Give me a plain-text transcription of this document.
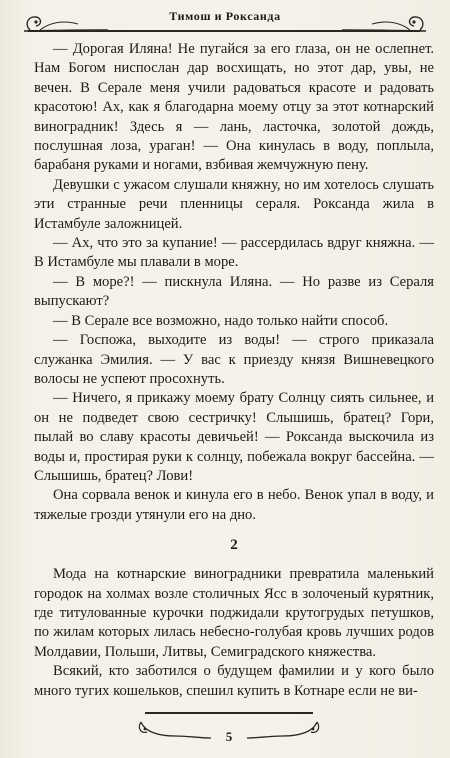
Тимош и Роксанда

— Дорогая Иляна! Не пугайся за его глаза, он не ослепнет. Нам Богом ниспослан дар восхищать, но этот дар, увы, не вечен. В Серале меня учили радоваться красоте и радовать красотою! Ах, как я благодарна моему отцу за этот котнарский виноградник! Здесь я — лань, ласточка, золотой дождь, послушная лоза, ураган! — Она кинулась в воду, поплыла, барабаня руками и ногами, взбивая жемчужную пену.

Девушки с ужасом слушали княжну, но им хотелось слушать эти странные речи пленницы сераля. Роксанда жила в Истамбуле заложницей.

— Ах, что это за купание! — рассердилась вдруг княжна. — В Истамбуле мы плавали в море.

— В море?! — пискнула Иляна. — Но разве из Сераля выпускают?

— В Серале все возможно, надо только найти способ.

— Госпожа, выходите из воды! — строго приказала служанка Эмилия. — У вас к приезду князя Вишневецкого волосы не успеют просохнуть.

— Ничего, я прикажу моему брату Солнцу сиять сильнее, и он не подведет свою сестричку! Слышишь, братец? Гори, пылай во славу красоты девичьей! — Роксанда выскочила из воды и, простирая руки к солнцу, побежала вокруг бассейна. — Слышишь, братец? Лови!

Она сорвала венок и кинула его в небо. Венок упал в воду, и тяжелые грозди утянули его на дно.

2

Мода на котнарские виноградники превратила маленький городок на холмах возле столичных Ясс в золоченый курятник, где титулованные курочки поджидали крутогрудых петушков, по жилам которых лилась небесно-голубая кровь лучших родов Молдавии, Польши, Литвы, Семиградского княжества.

Всякий, кто заботился о будущем фамилии и у кого было много тугих кошельков, спешил купить в Котнаре если не ви-

5
